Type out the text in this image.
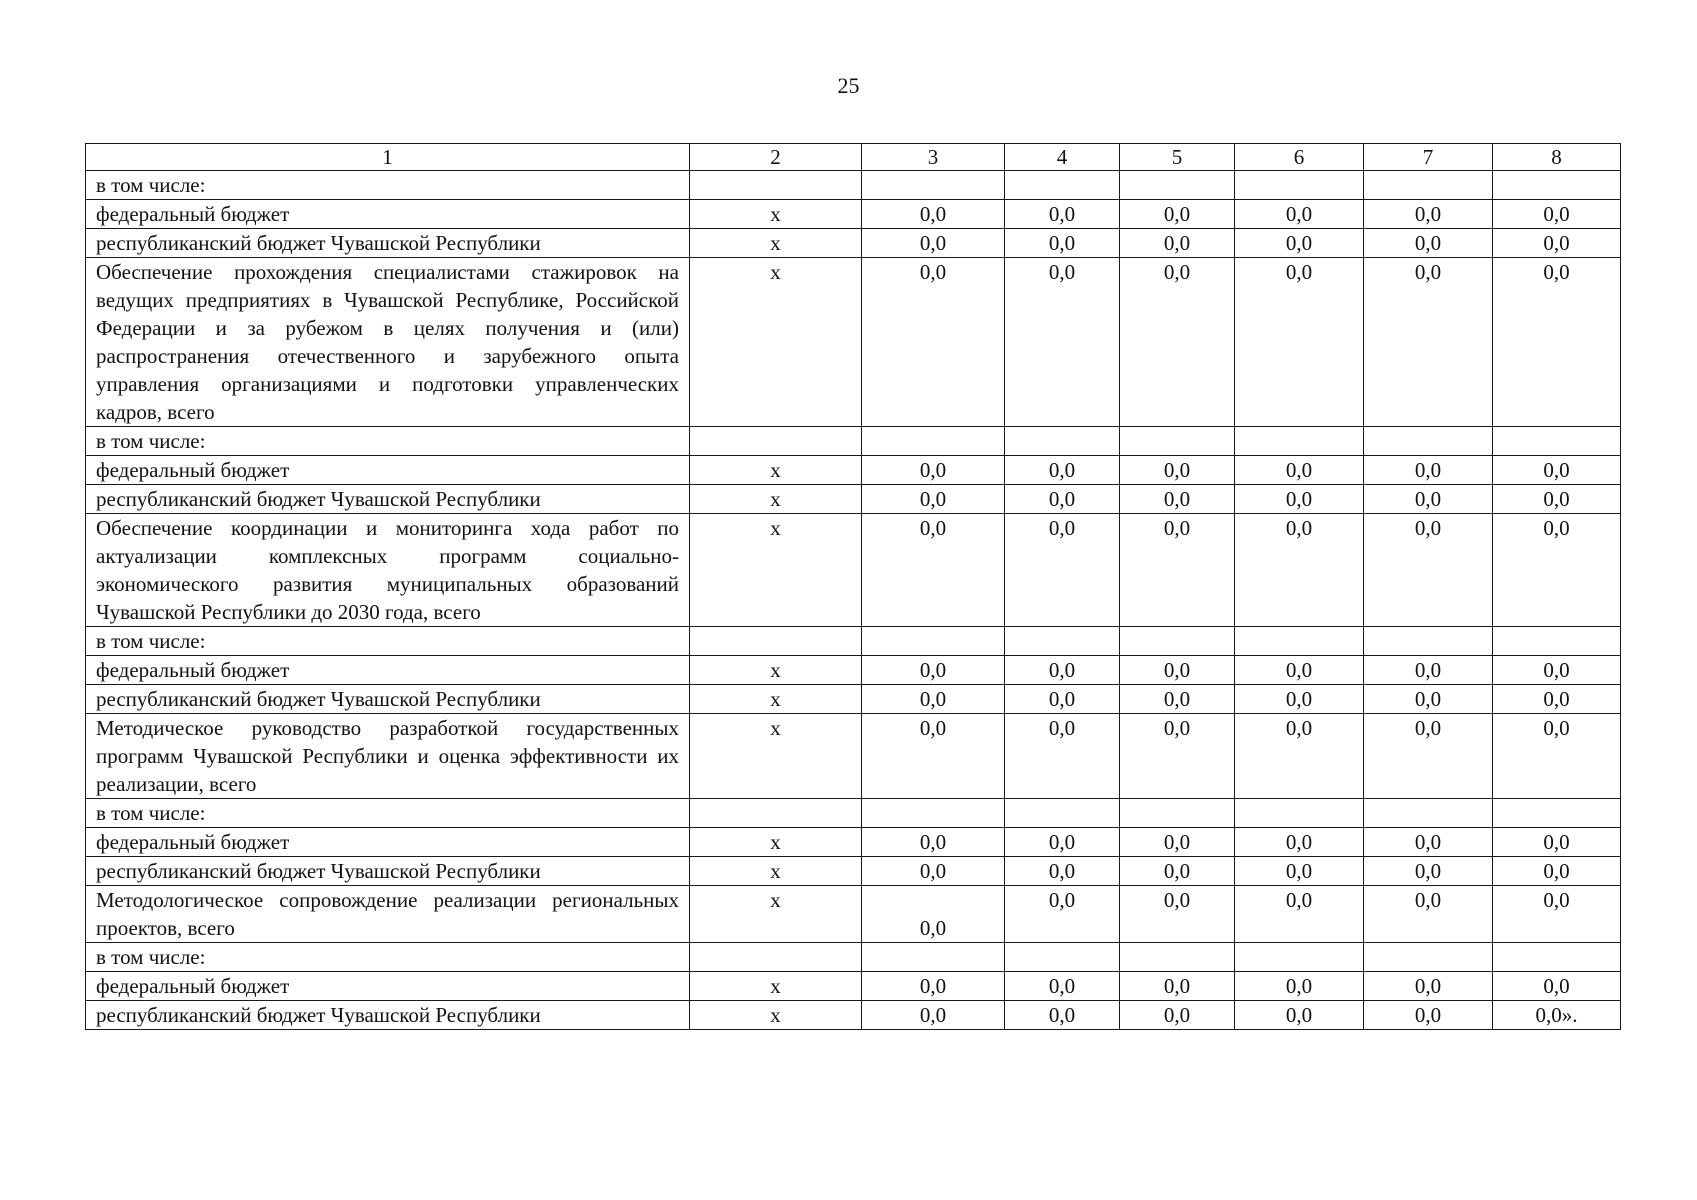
25
1	2	3	4	5	6	7	8
в том числе:							
федеральный бюджет	х	0,0	0,0	0,0	0,0	0,0	0,0
республиканский бюджет Чувашской Республики	х	0,0	0,0	0,0	0,0	0,0	0,0
Обеспечение прохождения специалистами стажировок на ведущих предприятиях в Чувашской Республике, Российской Федерации и за рубежом в целях получения и (или) распространения отечественного и зарубежного опыта управления организациями и подготовки управленческих кадров, всего	х	0,0	0,0	0,0	0,0	0,0	0,0
в том числе:							
федеральный бюджет	х	0,0	0,0	0,0	0,0	0,0	0,0
республиканский бюджет Чувашской Республики	х	0,0	0,0	0,0	0,0	0,0	0,0
Обеспечение координации и мониторинга хода работ по актуализации комплексных программ социально-экономического развития муниципальных образований Чувашской Республики до 2030 года, всего	х	0,0	0,0	0,0	0,0	0,0	0,0
в том числе:							
федеральный бюджет	х	0,0	0,0	0,0	0,0	0,0	0,0
республиканский бюджет Чувашской Республики	х	0,0	0,0	0,0	0,0	0,0	0,0
Методическое руководство разработкой государственных программ Чувашской Республики и оценка эффективности их реализации, всего	х	0,0	0,0	0,0	0,0	0,0	0,0
в том числе:							
федеральный бюджет	х	0,0	0,0	0,0	0,0	0,0	0,0
республиканский бюджет Чувашской Республики	х	0,0	0,0	0,0	0,0	0,0	0,0
Методологическое сопровождение реализации региональных проектов, всего	х	0,0	0,0	0,0	0,0	0,0	0,0
в том числе:							
федеральный бюджет	х	0,0	0,0	0,0	0,0	0,0	0,0
республиканский бюджет Чувашской Республики	х	0,0	0,0	0,0	0,0	0,0	0,0».
